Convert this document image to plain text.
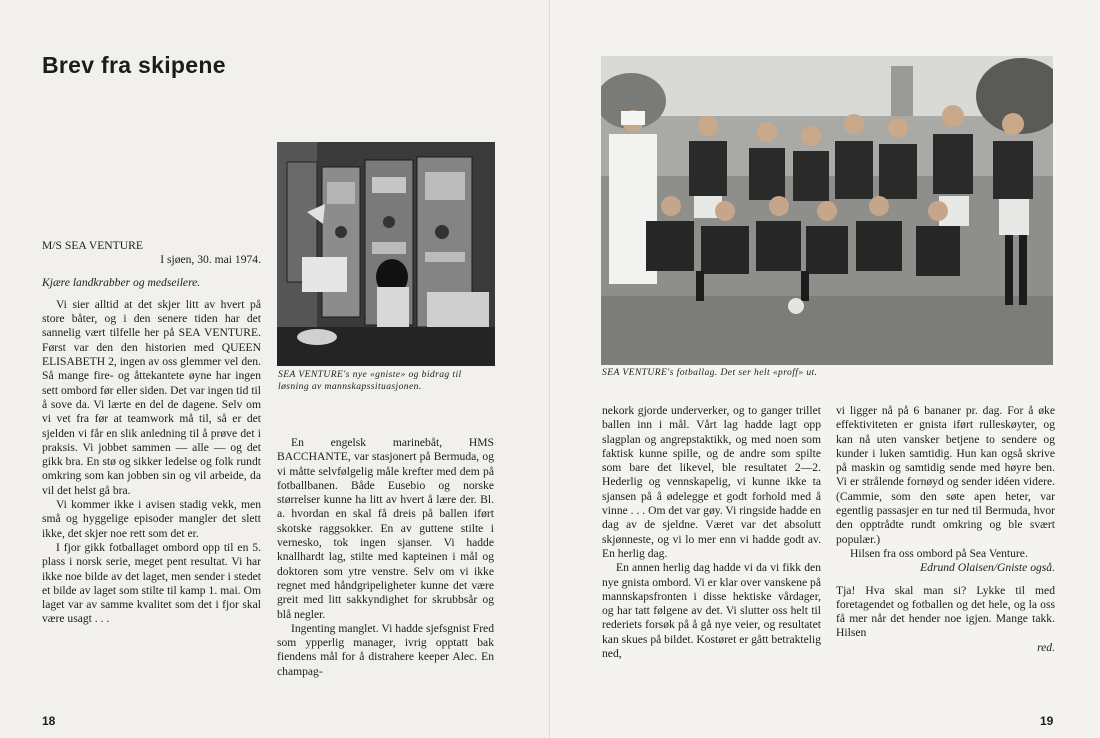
Brev fra skipene
SEA VENTURE's nye «gniste» og bidrag til løsning av mannskapssituasjonen.

M/S SEA VENTURE

I sjøen, 30. mai 1974.

Kjære landkrabber og medseilere.

Vi sier alltid at det skjer litt av hvert på store båter, og i den senere tiden har det sannelig vært tilfelle her på SEA VENTURE. Først var den den historien med QUEEN ELISABETH 2, ingen av oss glemmer vel den. Så mange fire- og åttekantete øyne har ingen sett ombord før eller siden. Det var ingen tid til å sove da. Vi lærte en del de dagene. Selv om vi vet fra før at teamwork må til, så er det sjelden vi får en slik anledning til å prøve det i praksis. Vi jobbet sammen — alle — og det gikk bra. En stø og sikker ledelse og folk rundt omkring som kan jobben sin og vil arbeide, da vil det helst gå bra.

Vi kommer ikke i avisen stadig vekk, men små og hyggelige episoder mangler det slett ikke, det skjer noe rett som det er.

I fjor gikk fotballaget ombord opp til en 5. plass i norsk serie, meget pent resultat. Vi har ikke noe bilde av det laget, men sender i stedet et bilde av laget som stilte til kamp 1. mai. Om laget var av samme kvalitet som det i fjor skal være usagt . . .

En engelsk marinebåt, HMS BACCHANTE, var stasjonert på Bermuda, og vi måtte selvfølgelig måle krefter med dem på fotballbanen. Både Eusebio og norske størrelser kunne ha litt av hvert å lære der. Bl. a. hvordan en skal få dreis på ballen iført skotske raggsokker. En av guttene stilte i vernesko, tok ingen sjanser. Vi hadde knallhardt lag, stilte med kapteinen i mål og doktoren som ytre venstre. Selv om vi ikke regnet med håndgripeligheter kunne det være greit med litt sakkyndighet for skrubbsår og blå negler.

Ingenting manglet. Vi hadde sjefsgnist Fred som ypperlig manager, ivrig opptatt bak fiendens mål for å distrahere keeper Alec. En champag-

18
SEA VENTURE's fotballag. Det ser helt «proff» ut.

nekork gjorde underverker, og to ganger trillet ballen inn i mål. Vårt lag hadde lagt opp slagplan og angrepstaktikk, og med noen som faktisk kunne spille, og de andre som spilte som bare det likevel, ble resultatet 2—2. Hederlig og vennskapelig, vi kunne ikke ta sjansen på å ødelegge et godt forhold med å vinne . . . Om det var gøy. Vi ringside hadde en dag av de sjeldne. Været var det absolutt skjønneste, og vi lo mer enn vi hadde godt av. En herlig dag.

En annen herlig dag hadde vi da vi fikk den nye gnista ombord. Vi er klar over vanskene på mannskapsfronten i disse hektiske vårdager, og har tatt følgene av det. Vi slutter oss helt til rederiets forsøk på å gå nye veier, og resultatet kan skues på bildet. Kostøret er gått betraktelig ned,

vi ligger nå på 6 bananer pr. dag. For å øke effektiviteten er gnista iført rulleskøyter, og kan nå uten vansker betjene to sendere og kunder i luken samtidig. Hun kan også skrive på maskin og samtidig sende med høyre ben. Vi er strålende fornøyd og sender idéen videre. (Cammie, som den søte apen heter, var egentlig passasjer en tur ned til Bermuda, hvor den opptrådte rundt omkring og ble svært populær.)

Hilsen fra oss ombord på Sea Venture.

Edrund Olaisen/Gniste også.

Tja! Hva skal man si? Lykke til med foretagendet og fotballen og det hele, og la oss få mer når det hender noe igjen. Mange takk. Hilsen

red.

19
